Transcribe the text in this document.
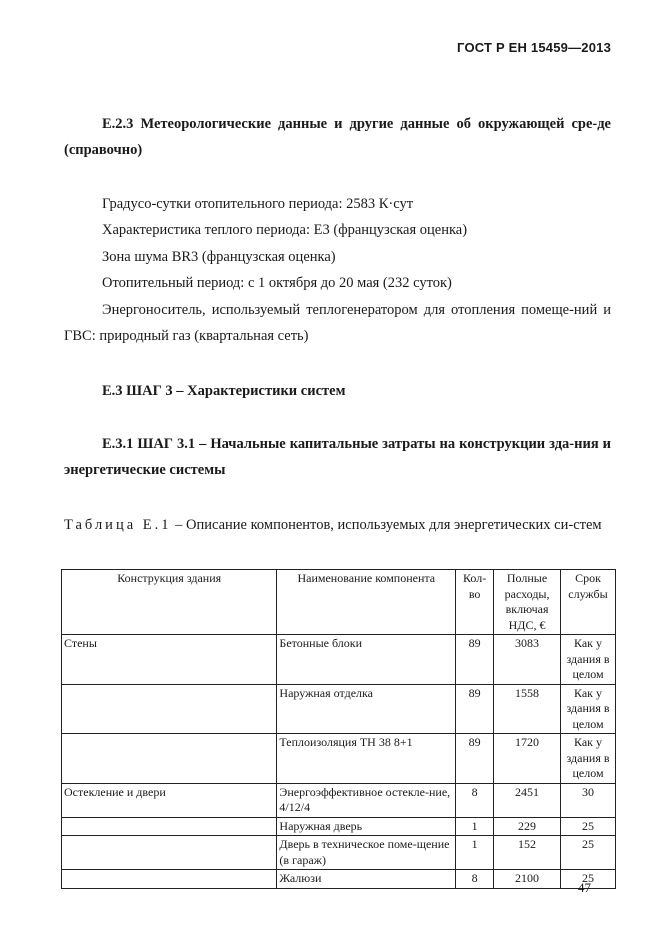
ГОСТ Р ЕН 15459—2013
Е.2.3 Метеорологические данные и другие данные об окружающей сре-де (справочно)
Градусо-сутки отопительного периода: 2583 К·сут
Характеристика теплого периода: Е3 (французская оценка)
Зона шума BR3 (французская оценка)
Отопительный период: с 1 октября до 20 мая (232 суток)
Энергоноситель, используемый теплогенератором для отопления помеще-ний и ГВС: природный газ (квартальная сеть)
Е.3 ШАГ 3 – Характеристики систем
Е.3.1 ШАГ 3.1 – Начальные капитальные затраты на конструкции зда-ния и энергетические системы
Таблица Е.1 – Описание компонентов, используемых для энергетических си-стем
Конструкция здания	Наименование компонента	Кол-во	Полные расходы, включая НДС, €	Срок службы
Стены	Бетонные блоки	89	3083	Как у здания в целом
	Наружная отделка	89	1558	Как у здания в целом
	Теплоизоляция TH 38 8+1	89	1720	Как у здания в целом
Остекление и двери	Энергоэффективное остекле-ние, 4/12/4	8	2451	30
	Наружная дверь	1	229	25
	Дверь в техническое поме-щение (в гараж)	1	152	25
	Жалюзи	8	2100	25
47
